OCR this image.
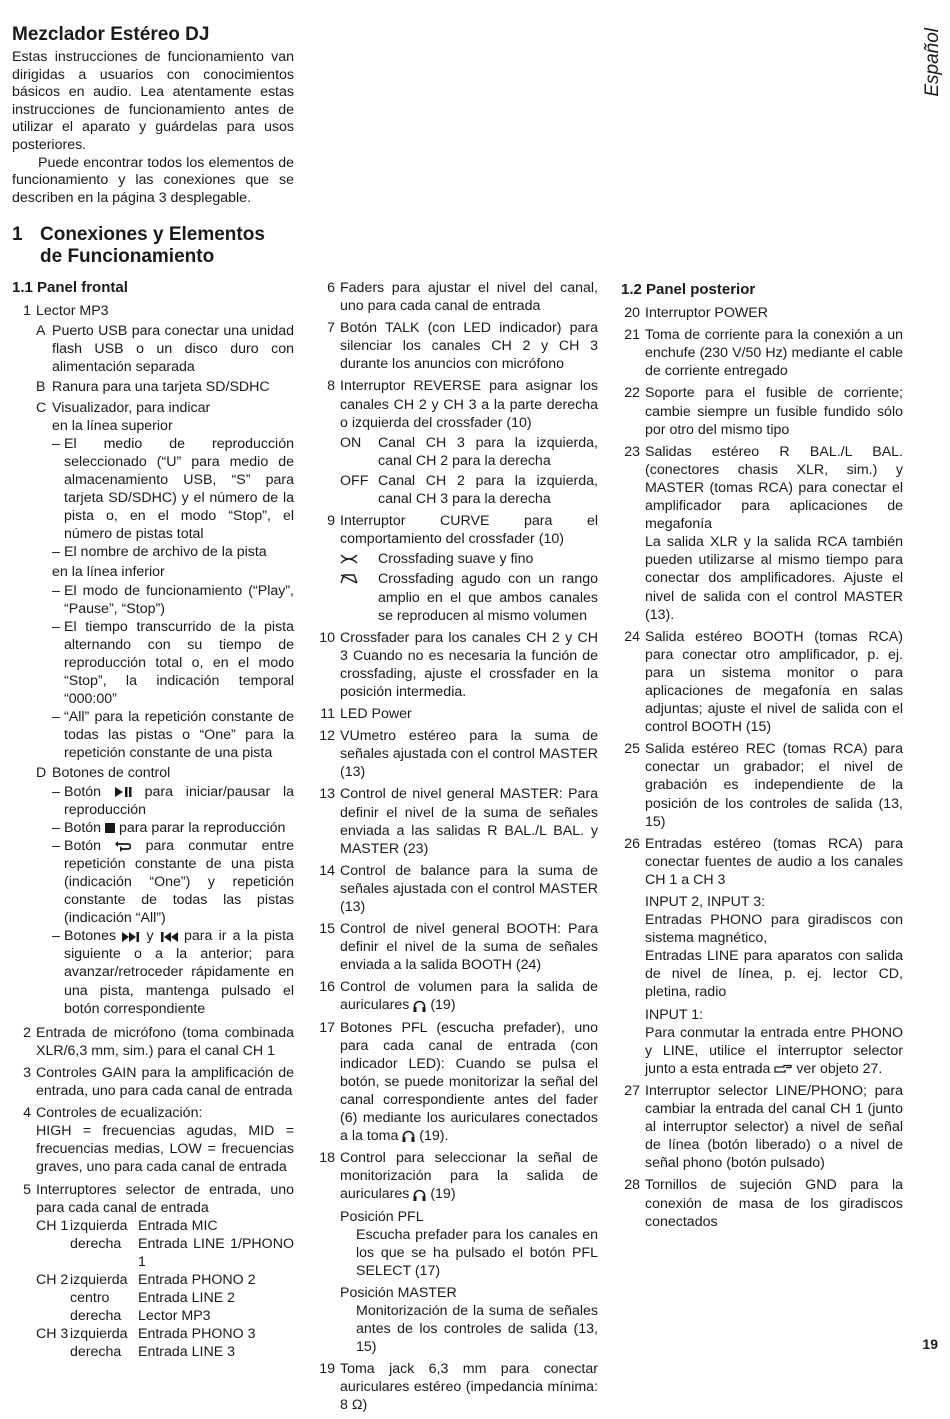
Español
Mezclador Estéreo DJ
Estas instrucciones de funcionamiento van dirigidas a usuarios con conocimientos básicos en audio. Lea atentamente estas instrucciones de funcionamiento antes de utilizar el aparato y guárdelas para usos posteriores.
Puede encontrar todos los elementos de funcionamiento y las conexiones que se describen en la página 3 desplegable.
1 Conexiones y Elementos
de Funcionamiento

1.1 Panel frontal

1 Lector MP3
A Puerto USB para conectar una unidad flash USB o un disco duro con alimentación separada
B Ranura para una tarjeta SD/SDHC
C Visualizador, para indicar
en la línea superior
– El medio de reproducción seleccionado (“U” para medio de almacenamiento USB, “S” para tarjeta SD/SDHC) y el número de la pista o, en el modo “Stop”, el número de pistas total
– El nombre de archivo de la pista
en la línea inferior
– El modo de funcionamiento (“Play”, “Pause”, “Stop”)
– El tiempo transcurrido de la pista alternando con su tiempo de reproducción total o, en el modo “Stop”, la indicación temporal “000:00”
– “All” para la repetición constante de todas las pistas o “One” para la repetición constante de una pista
D Botones de control
– Botón	para iniciar/pausar la reproducción
– Botón para parar la reproducción
– Botón	para conmutar entre repetición constante de una pista (indicación “One”) y repetición constante de todas las pistas (indicación “All”)
– Botones y para ir a la pista siguiente o a la anterior; para avanzar/retroceder rápidamente en una pista, mantenga pulsado el botón correspondiente
2 Entrada de micrófono (toma combinada XLR/6,3 mm, sim.) para el canal CH 1
3 Controles GAIN para la amplificación de entrada, uno para cada canal de entrada
4 Controles de ecualización:
HIGH = frecuencias agudas, MID = frecuencias medias, LOW = frecuencias graves, uno para cada canal de entrada
5 Interruptores selector de entrada, uno para cada canal de entrada
CH 1 izquierda Entrada MIC
derecha	Entrada LINE 1/PHONO 1
CH 2 izquierda Entrada PHONO 2
centro	Entrada LINE 2
derecha	Lector MP3
CH 3 izquierda Entrada PHONO 3
derecha	Entrada LINE 3
6 Faders para ajustar el nivel del canal, uno para cada canal de entrada
7 Botón TALK (con LED indicador) para silenciar los canales CH 2 y CH 3 durante los anuncios con micrófono
8 Interruptor REVERSE para asignar los canales CH 2 y CH 3 a la parte derecha o izquierda del crossfader (10)
ON	Canal CH 3 para la izquierda, canal CH 2 para la derecha
OFF Canal CH 2 para la izquierda, canal CH 3 para la derecha
9 Interruptor CURVE para el comportamiento del crossfader (10)
Crossfading suave y fino
Crossfading agudo con un rango amplio en el que ambos canales se reproducen al mismo volumen
10 Crossfader para los canales CH 2 y CH 3 Cuando no es necesaria la función de crossfading, ajuste el crossfader en la posición intermedia.
11 LED Power
12 VUmetro estéreo para la suma de señales ajustada con el control MASTER (13)
13 Control de nivel general MASTER: Para definir el nivel de la suma de señales enviada a las salidas R BAL./L BAL. y MASTER (23)
14 Control de balance para la suma de señales ajustada con el control MASTER (13)
15 Control de nivel general BOOTH: Para definir el nivel de la suma de señales enviada a la salida BOOTH (24)
16 Control de volumen para la salida de auriculares (19)
17 Botones PFL (escucha prefader), uno para cada canal de entrada (con indicador LED): Cuando se pulsa el botón, se puede monitorizar la señal del canal correspondiente antes del fader (6) mediante los auriculares conectados a la toma (19).
18 Control para seleccionar la señal de monitorización para la salida de auriculares (19)
Posición PFL
Escucha prefader para los canales en los que se ha pulsado el botón PFL SELECT (17)
Posición MASTER
Monitorización de la suma de señales antes de los controles de salida (13, 15)
19 Toma jack 6,3 mm para conectar auriculares estéreo (impedancia mínima: 8 Ω)

1.2 Panel posterior

20 Interruptor POWER
21 Toma de corriente para la conexión a un enchufe (230 V/50 Hz) mediante el cable de corriente entregado
22 Soporte para el fusible de corriente; cambie siempre un fusible fundido sólo por otro del mismo tipo
23 Salidas estéreo R BAL./L BAL. (conectores chasis XLR, sim.) y MASTER (tomas RCA) para conectar el amplificador para aplicaciones de megafonía
La salida XLR y la salida RCA también pueden utilizarse al mismo tiempo para conectar dos amplificadores. Ajuste el nivel de salida con el control MASTER (13).
24 Salida estéreo BOOTH (tomas RCA) para conectar otro amplificador, p. ej. para un sistema monitor o para aplicaciones de megafonía en salas adjuntas; ajuste el nivel de salida con el control BOOTH (15)
25 Salida estéreo REC (tomas RCA) para conectar un grabador; el nivel de grabación es independiente de la posición de los controles de salida (13, 15)
26 Entradas estéreo (tomas RCA) para conectar fuentes de audio a los canales CH 1 a CH 3
INPUT 2, INPUT 3:
Entradas PHONO para giradiscos con sistema magnético,
Entradas LINE para aparatos con salida de nivel de línea, p. ej. lector CD, pletina, radio
INPUT 1:
Para conmutar la entrada entre PHONO y LINE, utilice el interruptor selector junto a esta entrada ver objeto 27.
27 Interruptor selector LINE/PHONO; para cambiar la entrada del canal CH 1 (junto al interruptor selector) a nivel de señal de línea (botón liberado) o a nivel de señal phono (botón pulsado)
28 Tornillos de sujeción GND para la conexión de masa de los giradiscos conectados
19
